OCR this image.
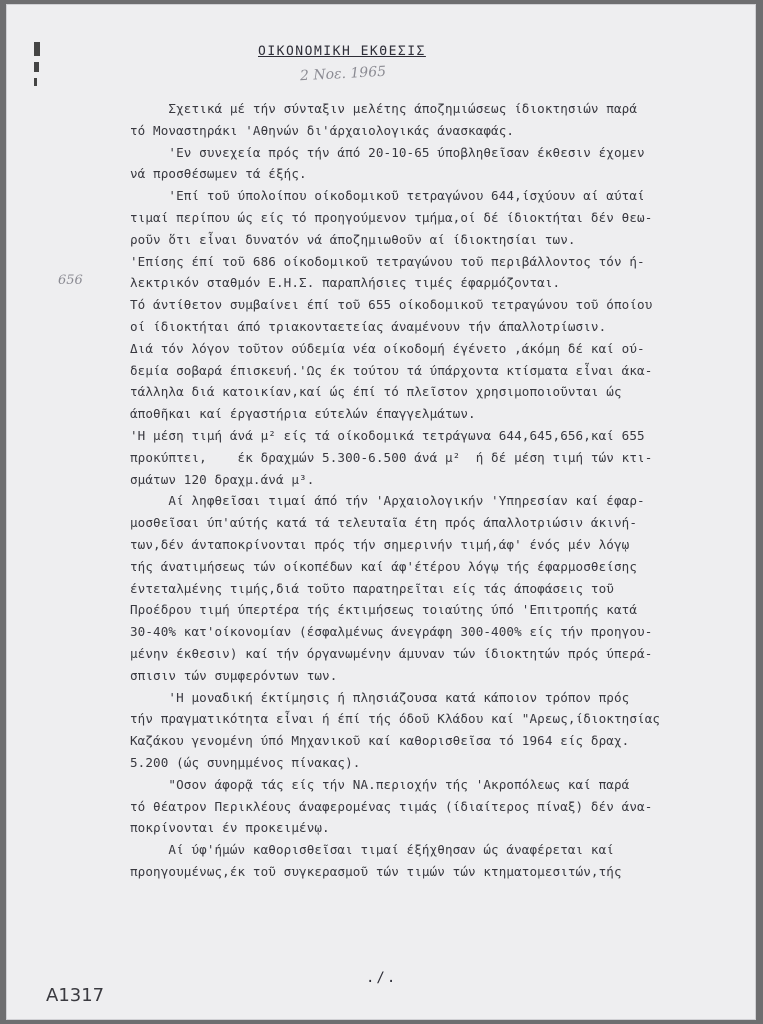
ΟΙΚΟΝΟΜΙΚΗ ΕΚΘΕΣΙΣ
2 Νοε. 1965
656
Σχετικά μέ τήν σύνταξιν μελέτης άποζημιώσεως ίδιοκτησιών παρά
τό Μοναστηράκι 'Αθηνών δι'άρχαιολογικάς άνασκαφάς.
'Εν συνεχεία πρός τήν άπό 20-10-65 ύποβληθεῖσαν έκθεσιν έχομεν
νά προσθέσωμεν τά έξής.
'Επί τοῦ ύπολοίπου οίκοδομικοῦ τετραγώνου 644,ίσχύουν αί αύταί
τιμαί περίπου ώς είς τό προηγούμενον τμήμα,οί δέ ίδιοκτήται δέν θεω-
ροῦν ὅτι εἶναι δυνατόν νά άποζημιωθοῦν αί ίδιοκτησίαι των.
'Επίσης έπί τοῦ 686 οίκοδομικοῦ τετραγώνου τοῦ περιβάλλοντος τόν ή-
λεκτρικόν σταθμόν Ε.Η.Σ. παραπλήσιες τιμές έφαρμόζονται.
Τό άντίθετον συμβαίνει έπί τοῦ 655 οίκοδομικοῦ τετραγώνου τοῦ όποίου
οί ίδιοκτήται άπό τριακονταετείας άναμένουν τήν άπαλλοτρίωσιν.
Διά τόν λόγον τοῦτον ούδεμία νέα οίκοδομή έγένετο ,άκόμη δέ καί ού-
δεμία σοβαρά έπισκευή.'Ως έκ τούτου τά ύπάρχοντα κτίσματα εἶναι άκα-
τάλληλα διά κατοικίαν,καί ώς έπί τό πλεῖστον χρησιμοποιοῦνται ώς
άποθῆκαι καί έργαστήρια εύτελών έπαγγελμάτων.
'Η μέση τιμή άνά μ² είς τά οίκοδομικά τετράγωνα 644,645,656,καί 655
προκύπτει,    έκ δραχμών 5.300-6.500 άνά μ²  ή δέ μέση τιμή τών κτι-
σμάτων 120 δραχμ.άνά μ³.
Αί ληφθεῖσαι τιμαί άπό τήν 'Αρχαιολογικήν 'Υπηρεσίαν καί έφαρ-
μοσθεῖσαι ύπ'αύτής κατά τά τελευταῖα έτη πρός άπαλλοτριώσιν άκινή-
των,δέν άνταποκρίνονται πρός τήν σημερινήν τιμή,άφ' ένός μέν λόγῳ
τής άνατιμήσεως τών οίκοπέδων καί άφ'έτέρου λόγῳ τής έφαρμοσθείσης
έντεταλμένης τιμής,διά τοῦτο παρατηρεῖται είς τάς άποφάσεις τοῦ
Προέδρου τιμή ύπερτέρα τής έκτιμήσεως τοιαύτης ύπό 'Επιτροπής κατά
30-40% κατ'οίκονομίαν (έσφαλμένως άνεγράφη 300-400% είς τήν προηγου-
μένην έκθεσιν) καί τήν όργανωμένην άμυναν τών ίδιοκτητών πρός ύπερά-
σπισιν τών συμφερόντων των.
'Η μοναδική έκτίμησις ή πλησιάζουσα κατά κάποιον τρόπον πρός
τήν πραγματικότητα εἶναι ή έπί τής όδοῦ Κλάδου καί "Αρεως,ίδιοκτησίας
Καζάκου γενομένη ύπό Μηχανικοῦ καί καθορισθεῖσα τό 1964 είς δραχ.
5.200 (ώς συνημμένος πίνακας).
"Οσον άφορᾷ τάς είς τήν ΝΑ.περιοχήν τής 'Ακροπόλεως καί παρά
τό θέατρον Περικλέους άναφερομένας τιμάς (ίδιαίτερος πίναξ) δέν άνα-
ποκρίνονται έν προκειμένῳ.
Αί ύφ'ήμών καθορισθεῖσαι τιμαί έξήχθησαν ώς άναφέρεται καί
προηγουμένως,έκ τοῦ συγκερασμοῦ τών τιμών τών κτηματομεσιτών,τής
./.
A1317
